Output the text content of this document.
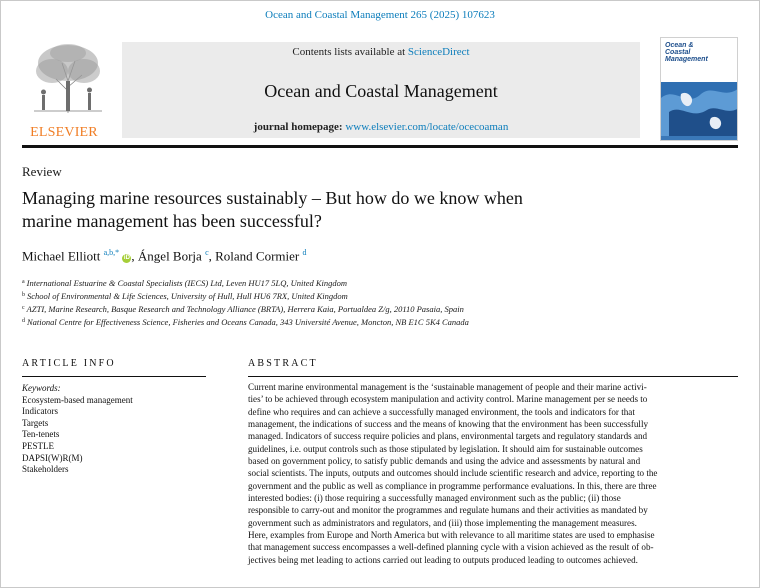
Ocean and Coastal Management 265 (2025) 107623
ELSEVIER
Contents lists available at ScienceDirect
Ocean and Coastal Management
journal homepage: www.elsevier.com/locate/ocecoaman
Ocean &
Coastal
Management
Review
Managing marine resources sustainably – But how do we know when
marine management has been successful?
Michael Elliott $^{a,b,*}$ iD , Ángel Borja $^c$, Roland Cormier $^d$
$^a$ International Estuarine & Coastal Specialists (IECS) Ltd, Leven HU17 5LQ, United Kingdom
$^b$ School of Environmental & Life Sciences, University of Hull, Hull HU6 7RX, United Kingdom
$^c$ AZTI, Marine Research, Basque Research and Technology Alliance (BRTA), Herrera Kaia, Portualdea Z/g, 20110 Pasaia, Spain
$^d$ National Centre for Effectiveness Science, Fisheries and Oceans Canada, 343 Université Avenue, Moncton, NB E1C 5K4 Canada
ARTICLE INFO	ABSTRACT
Keywords:
Ecosystem-based management
Indicators
Targets
Ten-tenets
PESTLE
DAPSI(W)R(M)
Stakeholders
Current marine environmental management is the ‘sustainable management of people and their marine activi-
ties’ to be achieved through ecosystem manipulation and activity control. Marine management per se needs to
define who requires and can achieve a successfully managed environment, the tools and indicators for that
management, the indications of success and the means of knowing that the environment has been successfully
managed. Indicators of success require policies and plans, environmental targets and regulatory standards and
guidelines, i.e. output controls such as those stipulated by legislation. It should aim for sustainable outcomes
based on government policy, to satisfy public demands and using the advice and assessments by natural and
social scientists. The inputs, outputs and outcomes should include scientific research and advice, reporting to the
government and the public as well as compliance in programme performance evaluations. In this, there are three
interested bodies: (i) those requiring a successfully managed environment such as the public; (ii) those
responsible to carry-out and monitor the programmes and regulate humans and their activities as mandated by
government such as administrators and regulators, and (iii) those implementing the management measures.
Here, examples from Europe and North America but with relevance to all maritime states are used to emphasise
that management success encompasses a well-defined planning cycle with a vision achieved as the result of ob-
jectives being met leading to actions carried out leading to outputs produced leading to outcomes achieved.
